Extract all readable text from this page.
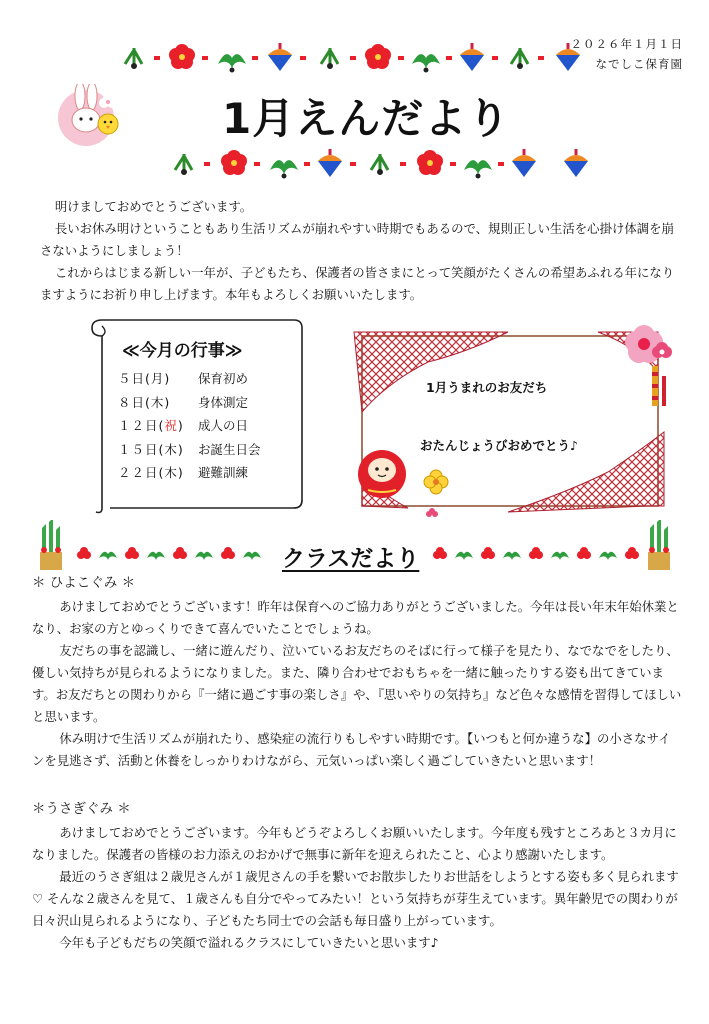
２０２６年１月１日
なでしこ保育園
1月えんだより

明けましておめでとうございます。

長いお休み明けということもあり生活リズムが崩れやすい時期でもあるので、規則正しい生活を心掛け体調を崩さないようにしましょう！

これからはじまる新しい一年が、子どもたち、保護者の皆さまにとって笑顔がたくさんの希望あふれる年になりますようにお祈り申し上げます。本年もよろしくお願いいたします。

≪今月の行事≫
５日(月)	保育初め
８日(木)	身体測定
１２日(祝)	成人の日
１５日(木)	お誕生日会
２２日(木)	避難訓練
1月うまれのお友だち
おたんじょうびおめでとう♪
クラスだより
＊ ひよこぐみ ＊

あけましておめでとうございます！昨年は保育へのご協力ありがとうございました。今年は長い年末年始休業となり、お家の方とゆっくりできて喜んでいたことでしょうね。

友だちの事を認識し、一緒に遊んだり、泣いているお友だちのそばに行って様子を見たり、なでなでをしたり、優しい気持ちが見られるようになりました。また、隣り合わせでおもちゃを一緒に触ったりする姿も出てきています。お友だちとの関わりから『一緒に過ごす事の楽しさ』や、『思いやりの気持ち』など色々な感情を習得してほしいと思います。

休み明けで生活リズムが崩れたり、感染症の流行りもしやすい時期です。【いつもと何か違うな】の小さなサインを見逃さず、活動と休養をしっかりわけながら、元気いっぱい楽しく過ごしていきたいと思います！

＊うさぎぐみ ＊

あけましておめでとうございます。今年もどうぞよろしくお願いいたします。今年度も残すところあと３カ月になりました。保護者の皆様のお力添えのおかげで無事に新年を迎えられたこと、心より感謝いたします。

最近のうさぎ組は２歳児さんが１歳児さんの手を繋いでお散歩したりお世話をしようとする姿も多く見られます♡ そんな２歳さんを見て、１歳さんも自分でやってみたい！という気持ちが芽生えています。異年齢児での関わりが日々沢山見られるようになり、子どもたち同士での会話も毎日盛り上がっています。

今年も子どもだちの笑顔で溢れるクラスにしていきたいと思います♪
